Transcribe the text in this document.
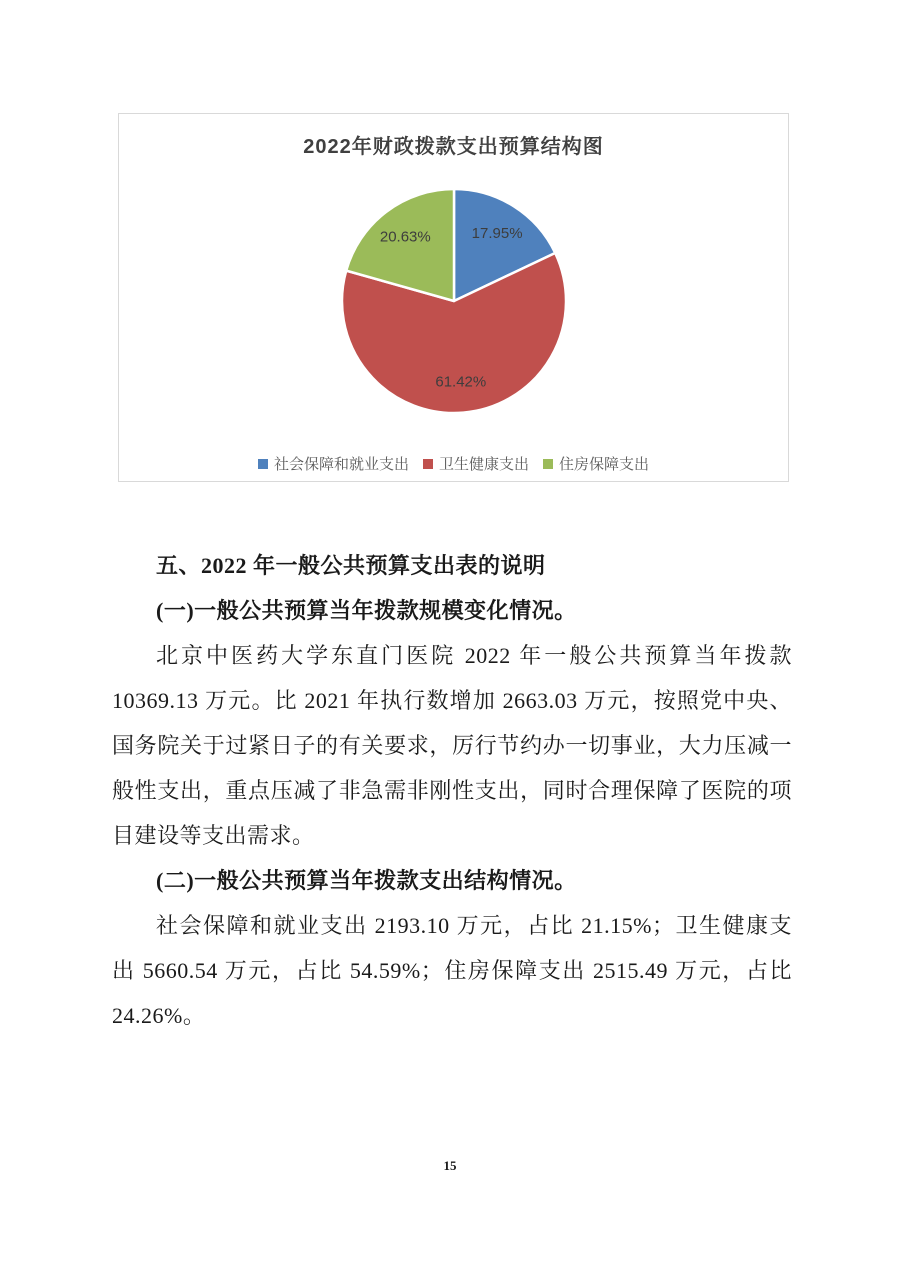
2022年财政拨款支出预算结构图
17.95%
61.42%
20.63%
社会保障和就业支出 卫生健康支出 住房保障支出
五、2022 年一般公共预算支出表的说明
(一)一般公共预算当年拨款规模变化情况。
北京中医药大学东直门医院 2022 年一般公共预算当年拨款 10369.13 万元。比 2021 年执行数增加 2663.03 万元，按照党中央、国务院关于过紧日子的有关要求，厉行节约办一切事业，大力压减一般性支出，重点压减了非急需非刚性支出，同时合理保障了医院的项目建设等支出需求。
(二)一般公共预算当年拨款支出结构情况。
社会保障和就业支出 2193.10 万元，占比 21.15%；卫生健康支出 5660.54 万元，占比 54.59%；住房保障支出 2515.49 万元，占比 24.26%。
15
